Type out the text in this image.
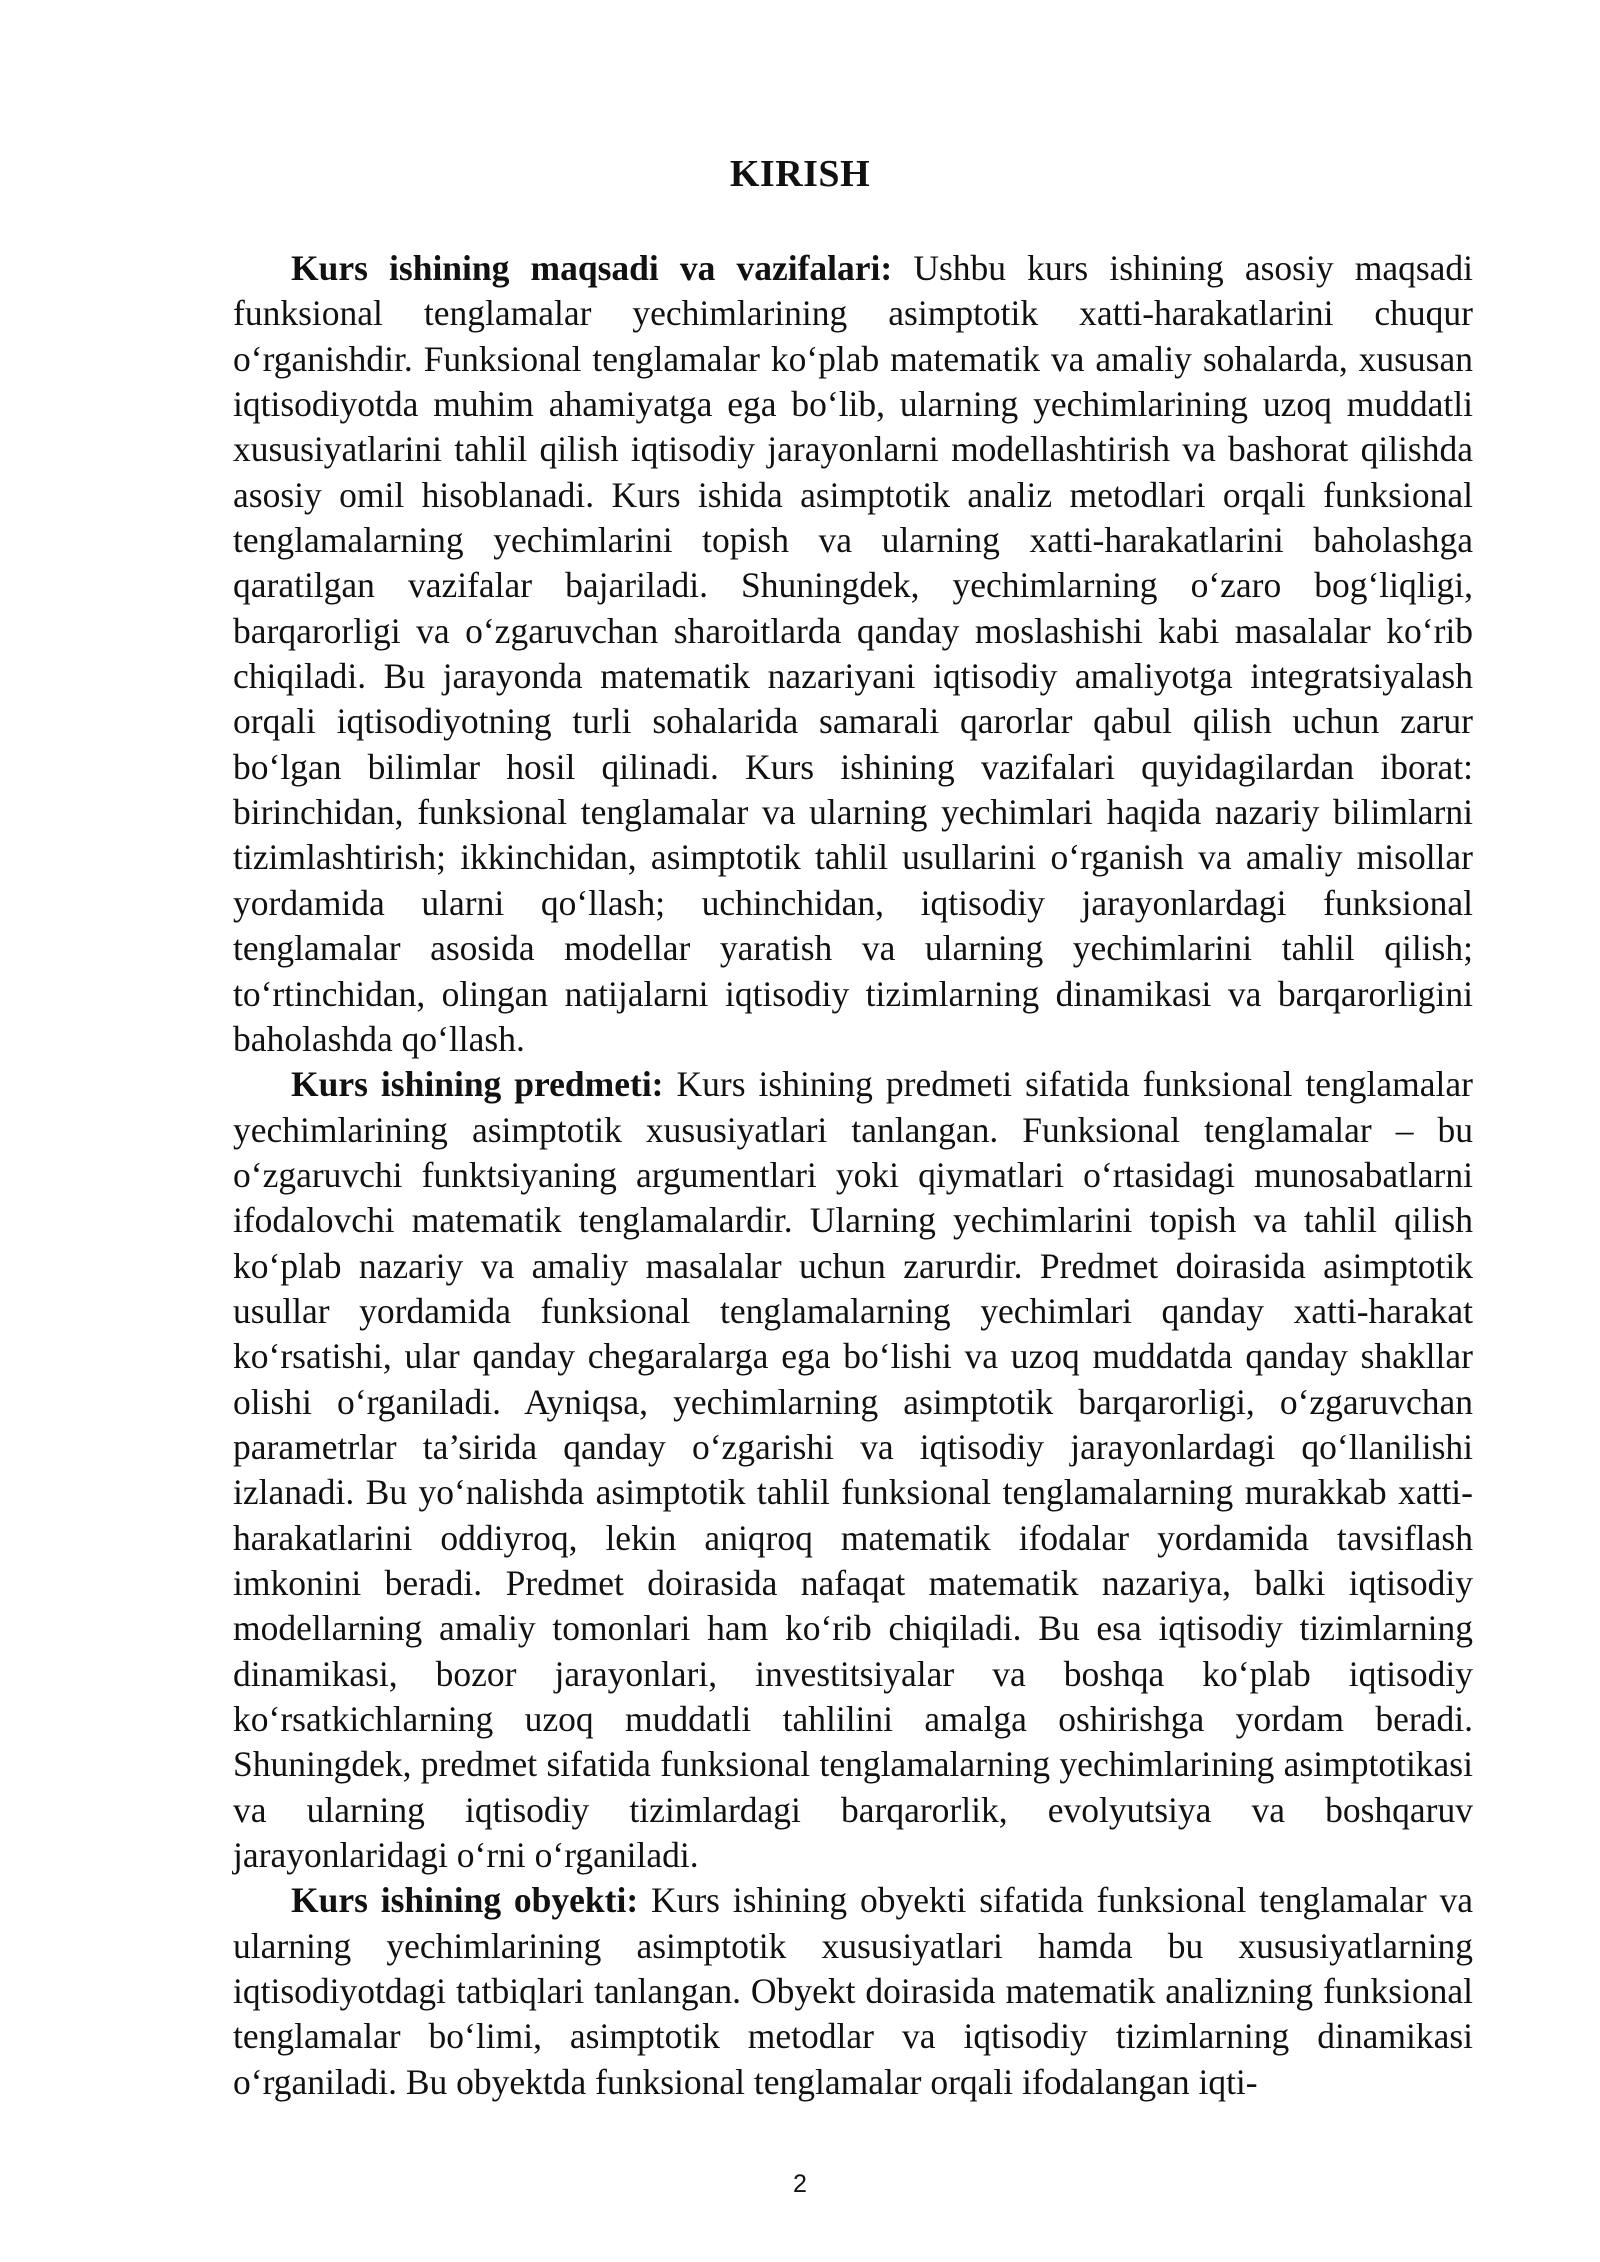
KIRISH

Kurs ishining maqsadi va vazifalari: Ushbu kurs ishining asosiy maqsadi funksional tenglamalar yechimlarining asimptotik xatti-harakatlarini chuqur o‘rganishdir. Funksional tenglamalar ko‘plab matematik va amaliy sohalarda, xususan iqtisodiyotda muhim ahamiyatga ega bo‘lib, ularning yechimlarining uzoq muddatli xususiyatlarini tahlil qilish iqtisodiy jarayonlarni modellashtirish va bashorat qilishda asosiy omil hisoblanadi. Kurs ishida asimptotik analiz metodlari orqali funksional tenglamalarning yechimlarini topish va ularning xatti-harakatlarini baholashga qaratilgan vazifalar bajariladi. Shuningdek, yechimlarning o‘zaro bog‘liqligi, barqarorligi va o‘zgaruvchan sharoitlarda qanday moslashishi kabi masalalar ko‘rib chiqiladi. Bu jarayonda matematik nazariyani iqtisodiy amaliyotga integratsiyalash orqali iqtisodiyotning turli sohalarida samarali qarorlar qabul qilish uchun zarur bo‘lgan bilimlar hosil qilinadi. Kurs ishining vazifalari quyidagilardan iborat: birinchidan, funksional tenglamalar va ularning yechimlari haqida nazariy bilimlarni tizimlashtirish; ikkinchidan, asimptotik tahlil usullarini o‘rganish va amaliy misollar yordamida ularni qo‘llash; uchinchidan, iqtisodiy jarayonlardagi funksional tenglamalar asosida modellar yaratish va ularning yechimlarini tahlil qilish; to‘rtinchidan, olingan natijalarni iqtisodiy tizimlarning dinamikasi va barqarorligini baholashda qo‘llash.

Kurs ishining predmeti: Kurs ishining predmeti sifatida funksional tenglamalar yechimlarining asimptotik xususiyatlari tanlangan. Funksional tenglamalar – bu o‘zgaruvchi funktsiyaning argumentlari yoki qiymatlari o‘rtasidagi munosabatlarni ifodalovchi matematik tenglamalardir. Ularning yechimlarini topish va tahlil qilish ko‘plab nazariy va amaliy masalalar uchun zarurdir. Predmet doirasida asimptotik usullar yordamida funksional tenglamalarning yechimlari qanday xatti-harakat ko‘rsatishi, ular qanday chegaralarga ega bo‘lishi va uzoq muddatda qanday shakllar olishi o‘rganiladi. Ayniqsa, yechimlarning asimptotik barqarorligi, o‘zgaruvchan parametrlar ta’sirida qanday o‘zgarishi va iqtisodiy jarayonlardagi qo‘llanilishi izlanadi. Bu yo‘nalishda asimptotik tahlil funksional tenglamalarning murakkab xatti-harakatlarini oddiyroq, lekin aniqroq matematik ifodalar yordamida tavsiflash imkonini beradi. Predmet doirasida nafaqat matematik nazariya, balki iqtisodiy modellarning amaliy tomonlari ham ko‘rib chiqiladi. Bu esa iqtisodiy tizimlarning dinamikasi, bozor jarayonlari, investitsiyalar va boshqa ko‘plab iqtisodiy ko‘rsatkichlarning uzoq muddatli tahlilini amalga oshirishga yordam beradi. Shuningdek, predmet sifatida funksional tenglamalarning yechimlarining asimptotikasi va ularning iqtisodiy tizimlardagi barqarorlik, evolyutsiya va boshqaruv jarayonlaridagi o‘rni o‘rganiladi.

Kurs ishining obyekti: Kurs ishining obyekti sifatida funksional tenglamalar va ularning yechimlarining asimptotik xususiyatlari hamda bu xususiyatlarning iqtisodiyotdagi tatbiqlari tanlangan. Obyekt doirasida matematik analizning funksional tenglamalar bo‘limi, asimptotik metodlar va iqtisodiy tizimlarning dinamikasi o‘rganiladi. Bu obyektda funksional tenglamalar orqali ifodalangan iqti-

2
